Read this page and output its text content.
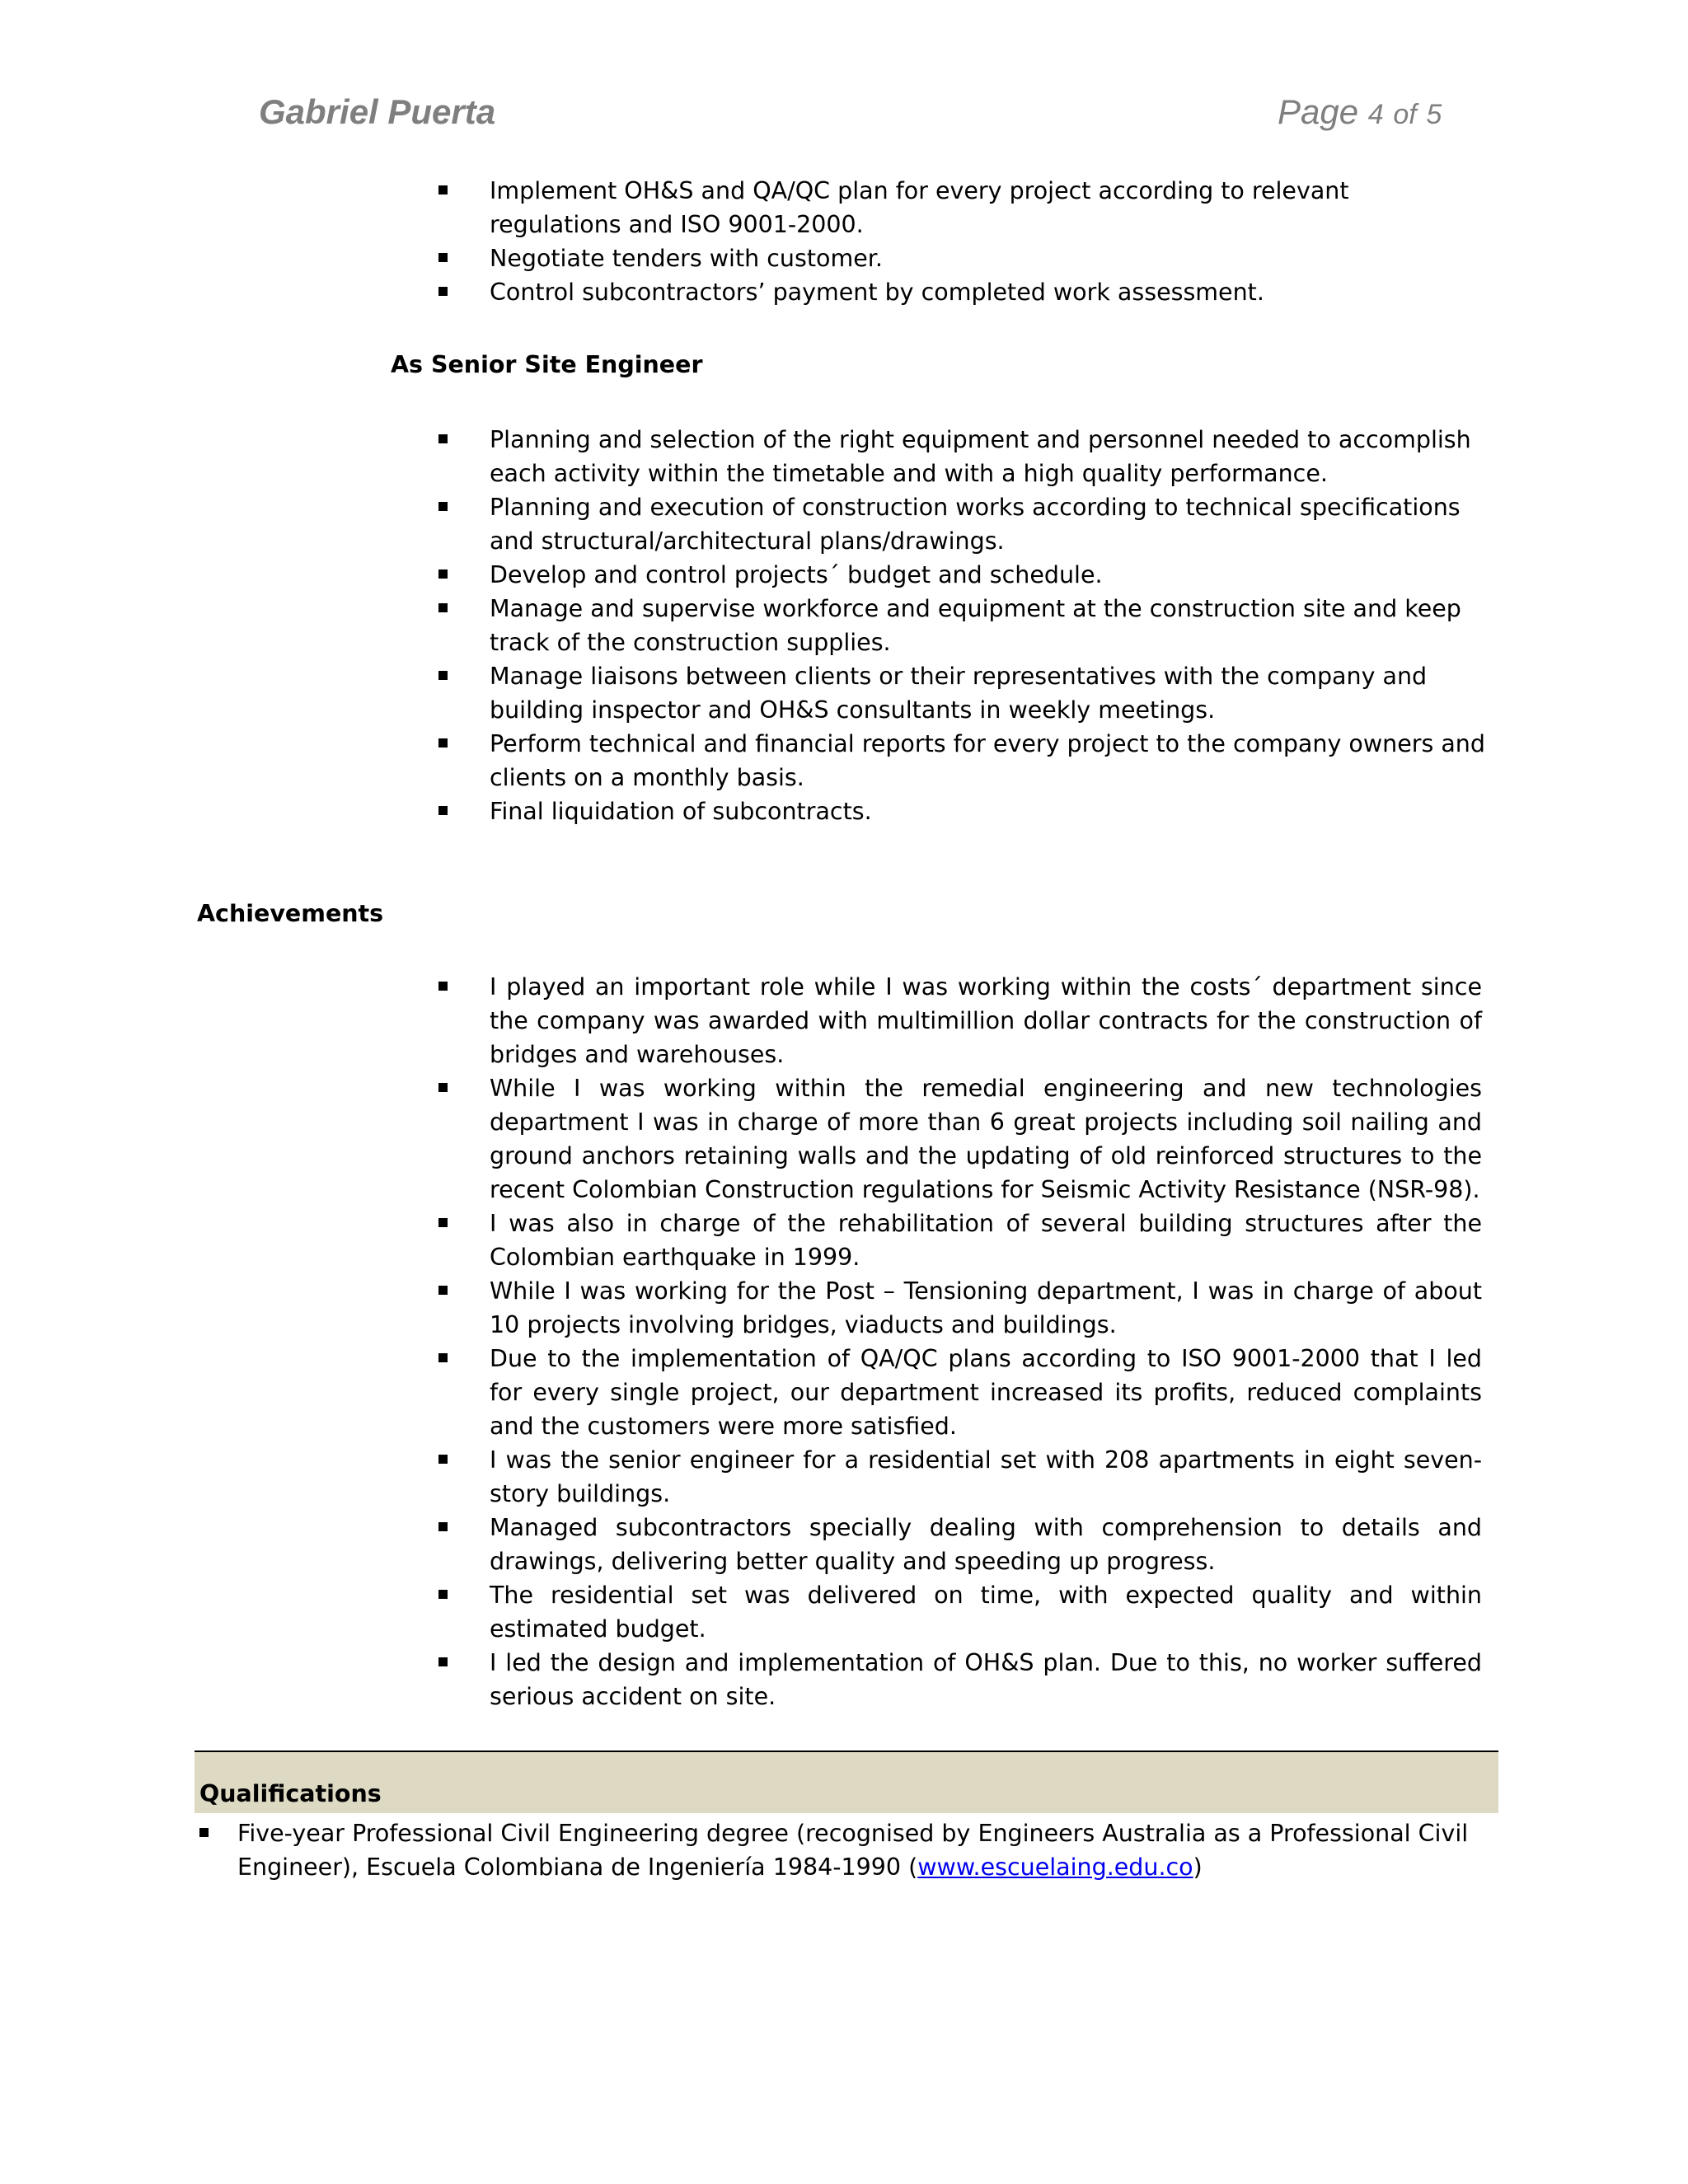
Gabriel Puerta	Page 4 of 5
Implement OH&S and QA/QC plan for every project according to relevant regulations and ISO 9001-2000.
Negotiate tenders with customer.
Control subcontractors’ payment by completed work assessment.
As Senior Site Engineer
Planning and selection of the right equipment and personnel needed to accomplish each activity within the timetable and with a high quality performance.
Planning and execution of construction works according to technical specifications and structural/architectural plans/drawings.
Develop and control projects´ budget and schedule.
Manage and supervise workforce and equipment at the construction site and keep track of the construction supplies.
Manage liaisons between clients or their representatives with the company and building inspector and OH&S consultants in weekly meetings.
Perform technical and financial reports for every project to the company owners and clients on a monthly basis.
Final liquidation of subcontracts.
Achievements
I played an important role while I was working within the costs´ department since the company was awarded with multimillion dollar contracts for the construction of bridges and warehouses.
While I was working within the remedial engineering and new technologies department I was in charge of more than 6 great projects including soil nailing and ground anchors retaining walls and the updating of old reinforced structures to the recent Colombian Construction regulations for Seismic Activity Resistance (NSR-98).
I was also in charge of the rehabilitation of several building structures after the Colombian earthquake in 1999.
While I was working for the Post – Tensioning department, I was in charge of about 10 projects involving bridges, viaducts and buildings.
Due to the implementation of QA/QC plans according to ISO 9001-2000 that I led for every single project, our department increased its profits, reduced complaints and the customers were more satisfied.
I was the senior engineer for a residential set with 208 apartments in eight seven-story buildings.
Managed subcontractors specially dealing with comprehension to details and drawings, delivering better quality and speeding up progress.
The residential set was delivered on time, with expected quality and within estimated budget.
I led the design and implementation of OH&S plan. Due to this, no worker suffered serious accident on site.
Qualifications
Five-year Professional Civil Engineering degree (recognised by Engineers Australia as a Professional Civil Engineer), Escuela Colombiana de Ingeniería 1984-1990 (www.escuelaing.edu.co)
